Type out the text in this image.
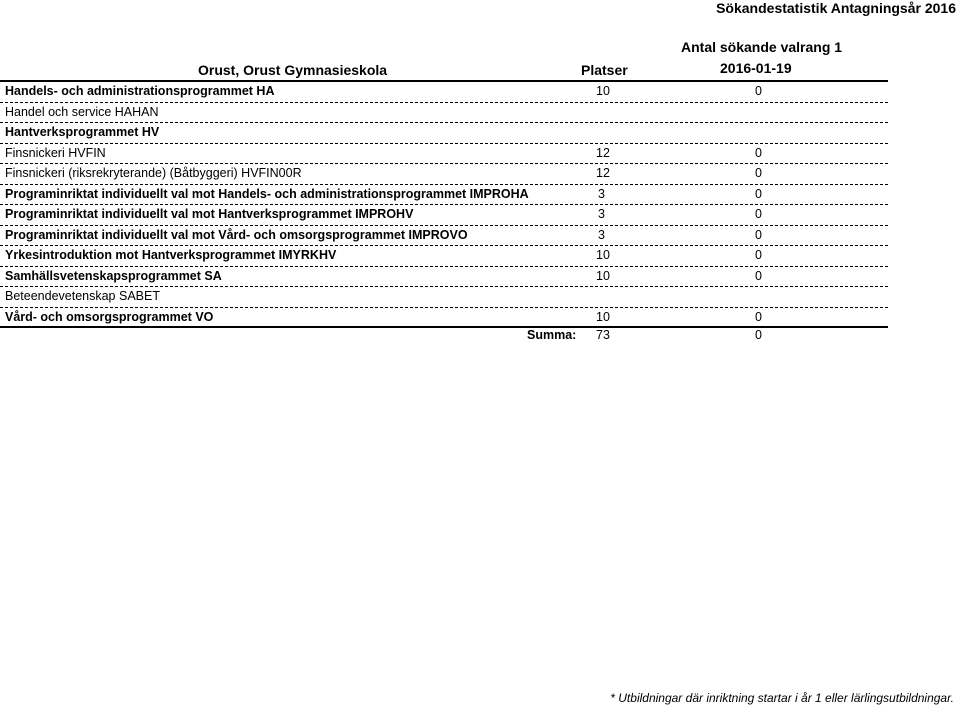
Sökandestatistik Antagningsår 2016
Orust, Orust Gymnasieskola	Platser
Antal sökande valrang 1
2016-01-19
Handels- och administrationsprogrammet HA	10	0
Handel och service HAHAN
Hantverksprogrammet HV
Finsnickeri HVFIN	12	0
Finsnickeri (riksrekryterande) (Båtbyggeri) HVFIN00R	12	0
Programinriktat individuellt val mot Handels- och administrationsprogrammet IMPROHA	3	0
Programinriktat individuellt val mot Hantverksprogrammet IMPROHV	3	0
Programinriktat individuellt val mot Vård- och omsorgsprogrammet IMPROVO	3	0
Yrkesintroduktion mot Hantverksprogrammet IMYRKHV	10	0
Samhällsvetenskapsprogrammet SA	10	0
Beteendevetenskap SABET
Vård- och omsorgsprogrammet VO	10	0
Summa: 73	0
* Utbildningar där inriktning startar i år 1 eller lärlingsutbildningar.
